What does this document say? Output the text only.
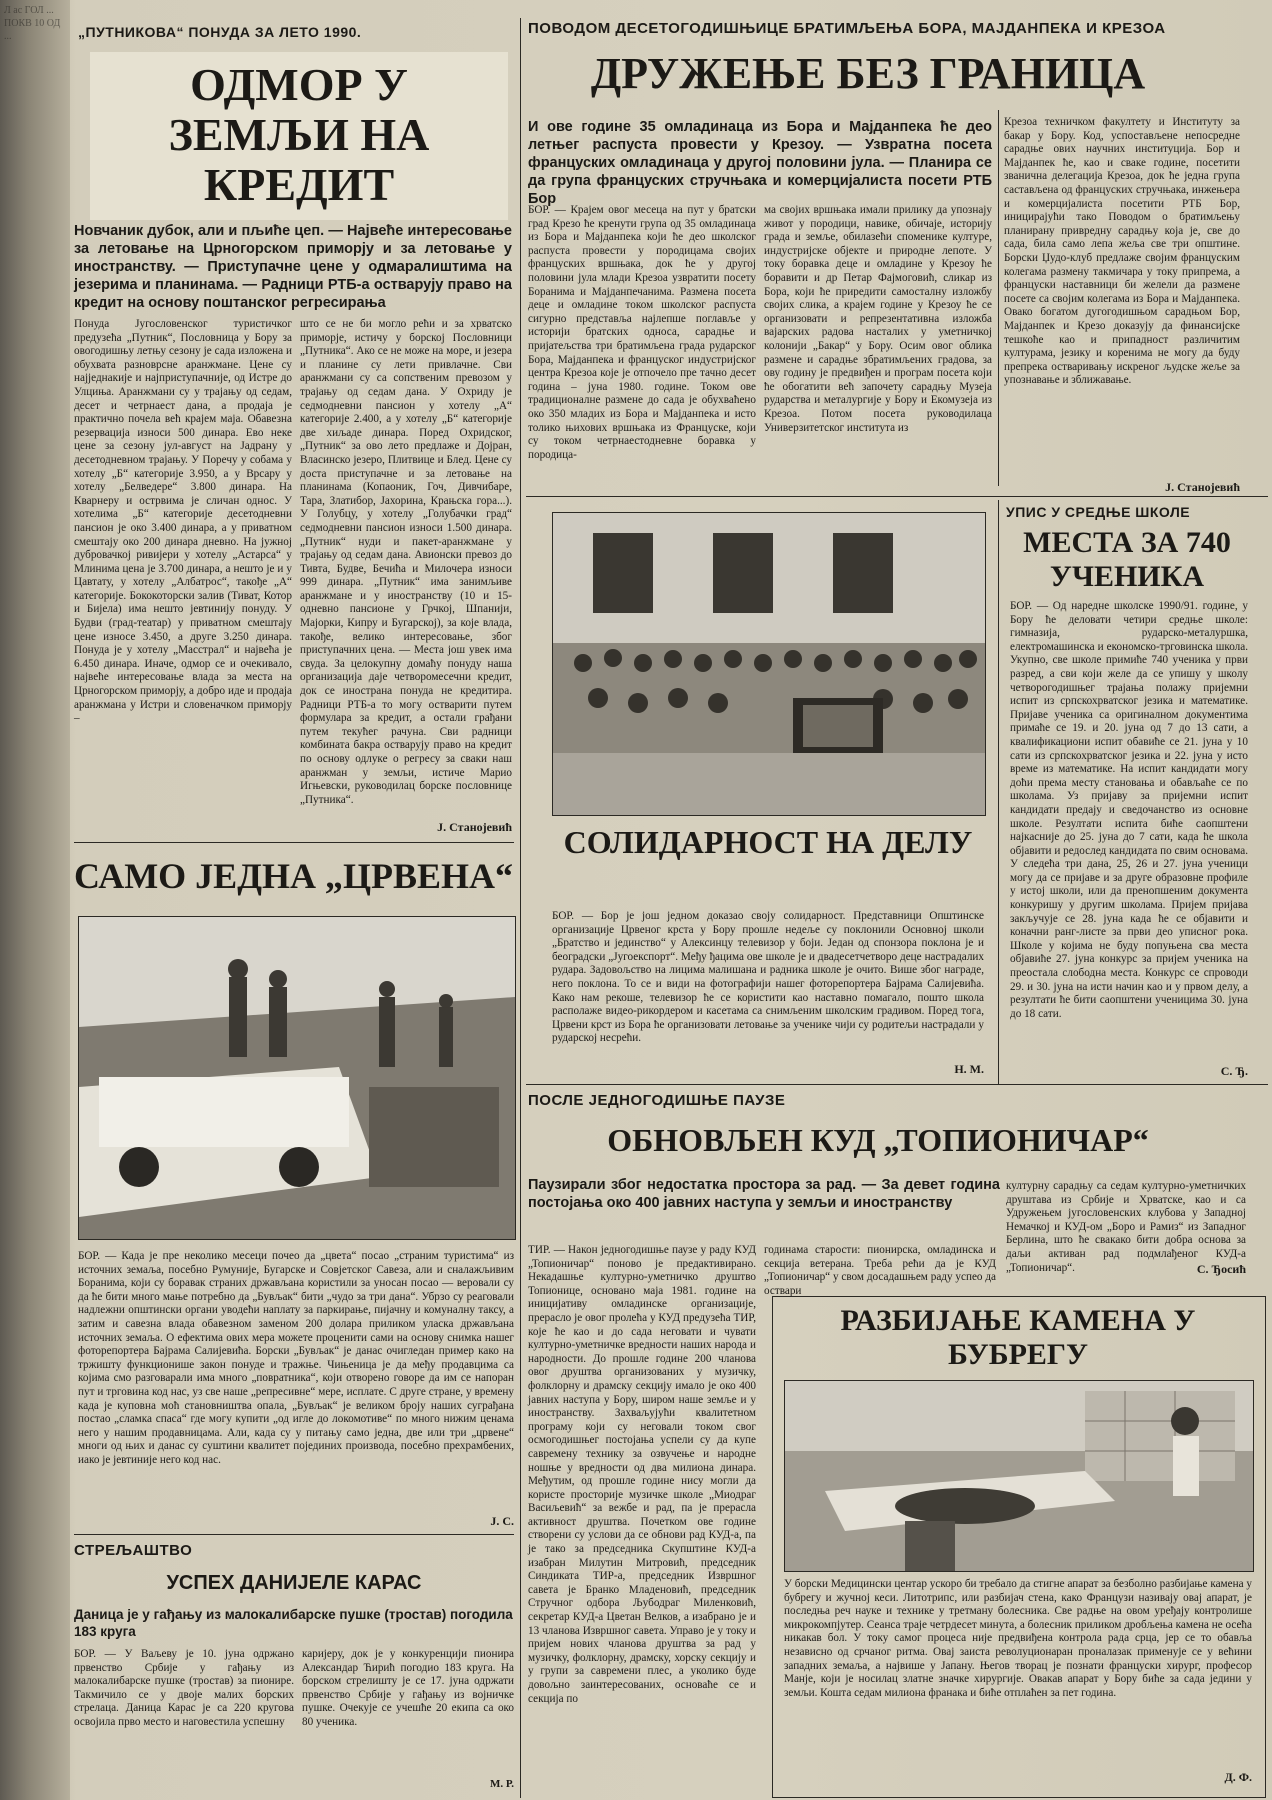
Л ас ГОЛ ... ПОКВ 10 ОД ...	„ПУТНИКОВА“ ПОНУДА ЗА ЛЕТО 1990.
ОДМОР У ЗЕМЉИ НА КРЕДИТ
Новчаник дубок, али и пљиће цеп. — Највеће интересовање за летовање на Црногорском приморју и за летовање у иностранству. — Приступачне цене у одмаралиштима на језерима и планинама. — Радници РТБ-а остварују право на кредит на основу поштанског регресирања
Понуда Југословенског туристичког предузећа „Путник“, Пословница у Бору за овогодишњу летњу сезону је сада изложена и обухвата разноврсне аранжмане. Цене су најједнакије и најприступачније, од Истре до Улциња. Аранжмани су у трајању од седам, десет и четрнаест дана, а продаја је практично почела већ крајем маја. Обавезна резервација износи 500 динара. Ево неке цене за сезону јул-август на Јадрану у десетодневном трајању. У Поречу у собама у хотелу „Б“ категорије 3.950, а у Врсару у хотелу „Белведере“ 3.800 динара. На Кварнеру и острвима је сличан однос. У хотелима „Б“ категорије десетодневни пансион је око 3.400 динара, а у приватном смештају око 200 динара дневно. На јужној дубровачкој ривијери у хотелу „Астарса“ у Млинима цена је 3.700 динара, а нешто је и у Цавтату, у хотелу „Албатрос“, такође „А“ категорије. Бококоторски залив (Тиват, Котор и Бијела) има нешто јевтинију понуду. У Будви (град-театар) у приватном смештају цене износе 3.450, а друге 3.250 динара. Понуда је у хотелу „Масстрал“ и највећа је 6.450 динара. Иначе, одмор се и очекивало, највеће интересовање влада за места на Црногорском приморју, а добро иде и продаја аранжмана у Истри и словеначком приморју –
што се не би могло рећи и за хрватско приморје, истичу у борској Пословници „Путника“. Ако се не може на море, и језера и планине су лети привлачне. Сви аранжмани су са сопственим превозом у трајању од седам дана. У Охриду је седмодневни пансион у хотелу „А“ категорије 2.400, а у хотелу „Б“ категорије две хиљаде динара. Поред Охридског, „Путник“ за ово лето предлаже и Дојран, Власинско језеро, Плитвице и Блед. Цене су доста приступачне и за летовање на планинама (Копаоник, Гоч, Дивчибаре, Тара, Златибор, Јахорина, Крањска гора...). У Голубцу, у хотелу „Голубачки град“ седмодневни пансион износи 1.500 динара. „Путник“ нуди и пакет-аранжмане у трајању од седам дана. Авионски превоз до Тивта, Будве, Бечића и Милочера износи 999 динара. „Путник“ има занимљиве аранжмане и у иностранству (10 и 15-одневно пансионе у Грчкој, Шпанији, Мајорки, Кипру и Бугарској), за које влада, такође, велико интересовање, због приступачних цена. — Места још увек има свуда. За целокупну домаћу понуду наша организација даје четворомесечни кредит, док се иностранa понуда не кредитира. Радници РТБ-а то могу остварити путем формулара за кредит, а остали грађани путем текућег рачуна. Сви радници комбината бакра остварују право на кредит по основу одлуке о регресу за сваки наш аранжман у земљи, истиче Марио Игњевски, руководилац борске пословнице „Путника“.
J. Станојевић
САМО ЈЕДНА „ЦРВЕНА“
БОР. — Када је пре неколико месеци почео да „цвета“ посао „страним туристима“ из источних земаља, посебно Румуније, Бугарске и Совјетског Савеза, али и сналажљивим Боранима, који су боравак страних држављана користили за уносан посао — веровали су да ће бити много мање потребно да „Бувљак“ бити „чудо за три дана“. Убрзо су реаговали надлежни општински органи уводећи наплату за паркирање, пијачну и комуналну таксу, а затим и савезна влада обавезном заменом 200 долара приликом уласка држављана источних земаља. О ефектима ових мера можете проценити сами на основу снимка нашег фоторепортера Бајрама Салијевића. Борски „Бувљак“ је данас очигледан пример како на тржишту функционише закон понуде и тражње. Чињеница је да међу продавцима са којима смо разговарали има много „повратника“, који отворено говоре да им се напоран пут и трговина код нас, уз све наше „репресивне“ мере, исплате. С друге стране, у времену када је куповна моћ становништва опала, „Бувљак“ је великом броју наших суграђана постао „сламка спаса“ где могу купити „од игле до локомотиве“ по много нижим ценама него у нашим продавницама. Али, када су у питању само једна, две или три „црвене“ многи од њих и данас су суштини квалитет појединих производа, посебно прехрамбених, иако је јевтиније него код нас.
J. С.
СТРЕЉАШТВО
УСПЕХ ДАНИЈЕЛЕ КАРАС
Даница је у гађању из малокалибарске пушке (тростав) погодила 183 круга
БОР. — У Ваљеву је 10. јуна одржано првенство Србије у гађању из малокалибарске пушке (тростав) за пионире. Такмичило се у двоје малих борских стрелаца. Даница Карас је са 220 кругова освојила прво место и наговестила успешну
каријеру, док је у конкуренцији пионира Александар Ћирић погодио 183 круга. На борском стрелишту је се 17. јуна одржати првенство Србије у гађању из војничке пушке. Очекује се учешће 20 екипа са око 80 ученика.
М. Р.
ПОВОДОМ ДЕСЕТОГОДИШЊИЦЕ БРАТИМЉЕЊА БОРА, МАЈДАНПЕКА И КРЕЗОА
ДРУЖЕЊЕ БЕЗ ГРАНИЦА
И ове године 35 омладинаца из Бора и Мајданпека ће део летњег распуста провести у Крезоу. — Узвратна посета француских омладинаца у другој половини јула. — Планира се да група француских стручњака и комерцијалиста посети РТБ Бор
БОР. — Крајем овог месеца на пут у братски град Крезо ће кренути група од 35 омладинаца из Бора и Мајданпека који ће део школског распуста провести у породицама својих француских вршњака, док ће у другој половини јула млади Крезоа узвратити посету Боранима и Мајданпечанима. Размена посета деце и омладине током школског распуста сигурно представља најлепше поглавље у историји братских односа, сарадње и пријатељства три братимљена града рударског Бора, Мајданпека и француског индустријског центра Крезоа које је отпочело пре тачно десет година – јуна 1980. године. Током ове традиционалне размене до сада је обухваћено око 350 младих из Бора и Мајданпека и исто толико њихових вршњака из Француске, који су током четрнаестодневне боравка у породица-
ма својих вршњака имали прилику да упознају живот у породици, навике, обичаје, историју града и земље, обилазећи споменике културе, индустријске објекте и природне лепоте. У току боравка деце и омладине у Крезоу ће боравити и др Петар Фајмоговић, сликар из Бора, који ће приредити самосталну изложбу својих слика, а крајем године у Крезоу ће се организовати и репрезентативна изложба вајарских радова насталих у уметничкој колонији „Бакар“ у Бору. Осим овог облика размене и сарадње збратимљених градова, за ову годину је предвиђен и програм посета који ће обогатити већ започету сарадњу Музеја рударства и металургије у Бору и Екомузеја из Крезоа. Потом посета руководилаца Универзитетског института из
Крезоа техничком факултету и Институту за бакар у Бору. Код, успостављене непосредне сарадње ових научних институција. Бор и Мајданпек ће, као и сваке године, посетити званична делегација Крезоа, док ће једна група састављена од француских стручњака, инжењера и комерцијалиста посетити РТБ Бор, иницирајући тако Поводом о братимљењу планирану привредну сарадњу која је, све до сада, била само лепа жеља све три општине. Борски Џудо-клуб предлаже својим француским колегама размену такмичара у току припрема, а француски наставници би желели да размене посете са својим колегама из Бора и Мајданпека. Овако богатом дугогодишњом сарадњом Бор, Мајданпек и Крезо доказују да финансијске тешкоће као и припадност различитим културама, језику и коренима не могу да буду препрека остваривању искреног људске жеље за упознавање и зближавање.
J. Станојевић
СОЛИДАРНОСТ НА ДЕЛУ
БОР. — Бор је још једном доказао своју солидарност. Представници Општинске организације Црвеног крста у Бору прошле недеље су поклонили Основној школи „Братство и јединство“ у Алексинцу телевизор у боји. Један од спонзора поклона је и београдски „Југоекспорт“. Међу ђацима ове школе је и двадесетчетворо деце настрадалих рудара. Задовољство на лицима малишана и радника школе је очито. Више због награде, него поклона. То се и види на фотографији нашег фоторепортера Бајрама Салијевића. Како нам рекоше, телевизор ће се користити као наставно помагало, пошто школа располаже видео-рикордером и касетама са снимљеним школским градивом. Поред тога, Црвени крст из Бора ће организовати летовање за ученике чији су родитељи настрадали у рударској несрећи.
Н. М.
УПИС У СРЕДЊЕ ШКОЛЕ
МЕСТА ЗА 740 УЧЕНИКА
БОР. — Од наредне школске 1990/91. године, у Бору ће деловати четири средње школе: гимназија, рударско-металуршка, електромашинска и економско-трговинска школа. Укупно, све школе примиће 740 ученика у први разред, а сви који желе да се упишу у школу четворогодишњег трајања полажу пријемни испит из српскохрватског језика и математике. Пријаве ученика са оригиналном документима примаће се 19. и 20. јуна од 7 до 13 сати, а квалификациони испит обавиће се 21. јуна у 10 сати из српскохрватског језика и 22. јуна у исто време из математике. На испит кандидати могу доћи према месту становања и обављаће се по школама. Уз пријаву за пријемни испит кандидати предају и сведочанство из основне школе. Резултати испита биће саопштени најкасније до 25. јуна до 7 сати, када ће школа објавити и редослед кандидата по свим основама. У следећа три дана, 25, 26 и 27. јуна ученици могу да се пријаве и за друге образовне профиле у истој школи, или да пренопшеним документа конкуришу у другим школама. Пријем пријава закључује се 28. јуна када ће се објавити и коначни ранг-листе за први део уписног рока. Школе у којима не буду попуњена сва места објавиће 27. јуна конкурс за пријем ученика на преостала слободна места. Конкурс се спроводи 29. и 30. јуна на исти начин као и у првом делу, а резултати ће бити саопштени ученицима 30. јуна до 18 сати.
С. Ђ.
ПОСЛЕ ЈЕДНОГОДИШЊЕ ПАУЗЕ
ОБНОВЉЕН КУД „ТОПИОНИЧАР“
Паузирали због недостатка простора за рад. — За девет година постојања око 400 јавних наступа у земљи и иностранству
ТИР. — Након једногодишње паузе у раду КУД „Топионичар“ поново је предактивирано. Некадашње културно-уметничко друштво Топионице, основано маја 1981. године на иницијативу омладинске организације, прерасло је овог пролећа у КУД предузећа ТИР, које ће као и до сада неговати и чувати културно-уметничке вредности наших народа и народности. До прошле године 200 чланова овог друштва организованих у музичку, фолклорну и драмску секцију имало је око 400 јавних наступа у Бору, широм наше земље и у иностранству. Захваљујући квалитетном програму који су неговали током свог осмогодишњег постојања успели су да купе савремену технику за озвучење и народне ношње у вредности од два милиона динара. Међутим, од прошле године нису могли да користе просторије музичке школе „Миодраг Васиљевић“ за вежбе и рад, па је прерасла активност друштва. Почетком ове године створени су услови да се обнови рад КУД-а, па је тако за председника Скупштине КУД-а изабран Милутин Митровић, председник Синдиката ТИР-а, председник Извршног савета је Бранко Младеновић, председник Стручног одбора Љубодраг Миленковић, секретар КУД-а Цветан Велков, а изабрано је и 13 чланова Извршног савета. Управо је у току и пријем нових чланова друштва за рад у музичку, фолклорну, драмску, хорску секцију и у групи за савремени плес, а уколико буде довољно заинтересованих, основаће се и секција по
годинама старости: пионирска, омладинска и секција ветерана. Треба рећи да је КУД „Топионичар“ у свом досадашњем раду успео да оствари
културну сарадњу са седам културно-уметничких друштава из Србије и Хрватске, као и са Удружењем југословенских клубова у Западној Немачкој и КУД-ом „Боро и Рамиз“ из Западног Берлина, што ће свакако бити добра основа за даљи активан рад подмлађеног КУД-а „Топионичар“.	С. Ђосић
РАЗБИЈАЊЕ КАМЕНА У БУБРЕГУ
У борски Медицински центар ускоро би требало да стигне апарат за безболно разбијање камена у бубрегу и жучној кеси. Литотрипс, или разбијач стена, како Французи називају овај апарат, је последња реч науке и технике у третману болесника. Све радње на овом уређају контролише микрокомпјутер. Сеанса траје четрдесет минута, а болесник приликом дробљења камена не осећа никакав бол. У току самог процеса није предвиђена контрола рада срца, јер се то обавља независно од срчаног ритма. Овај заиста револуционаран проналазак применује се у већини западних земаља, а највише у Јапану. Његов творац је познати француски хирург, професор Манје, који је носилац златне значке хирургије. Овакав апарат у Бору биће за сада једини у земљи. Кошта седам милиона франака и биће отплаћен за пет година.
Д. Ф.
